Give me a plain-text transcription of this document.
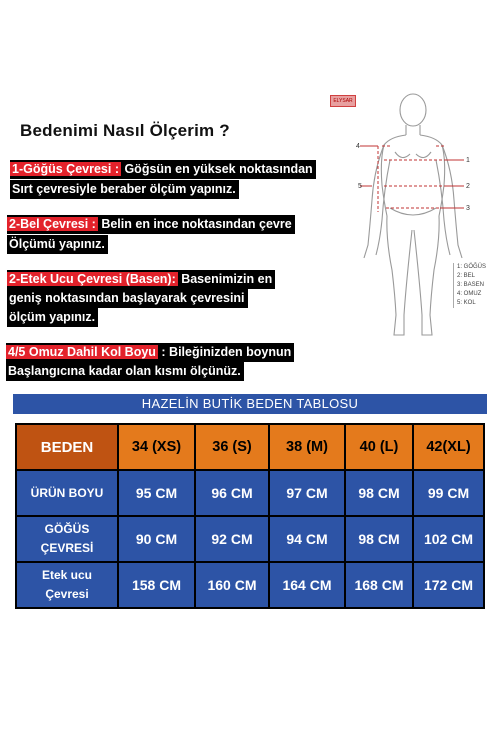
ELYSAR
Bedenimi Nasıl Ölçerim ?
1-Göğüs Çevresi : Göğsün en yüksek noktasından
Sırt çevresiyle beraber ölçüm yapınız.
2-Bel Çevresi : Belin en ince noktasından çevre
Ölçümü yapınız.
2-Etek Ucu Çevresi (Basen): Basenimizin en
geniş noktasından başlayarak çevresini
ölçüm yapınız.
4/5 Omuz Dahil Kol Boyu : Bileğinizden boynun
Başlangıcına kadar olan kısmı ölçünüz.
4
1
5	2
3
1: GÖĞÜS
2: BEL
3: BASEN
4: OMUZ
5: KOL
HAZELİN BUTİK BEDEN TABLOSU
BEDEN	34 (XS)	36 (S)	38 (M)	40 (L)	42(XL)

ÜRÜN BOYU	95 CM	96 CM	97 CM	98 CM	99 CM

GÖĞÜS
ÇEVRESİ	90 CM	92 CM	94 CM	98 CM	102 CM

Etek ucu
Çevresi	158 CM	160 CM	164 CM	168 CM	172 CM
